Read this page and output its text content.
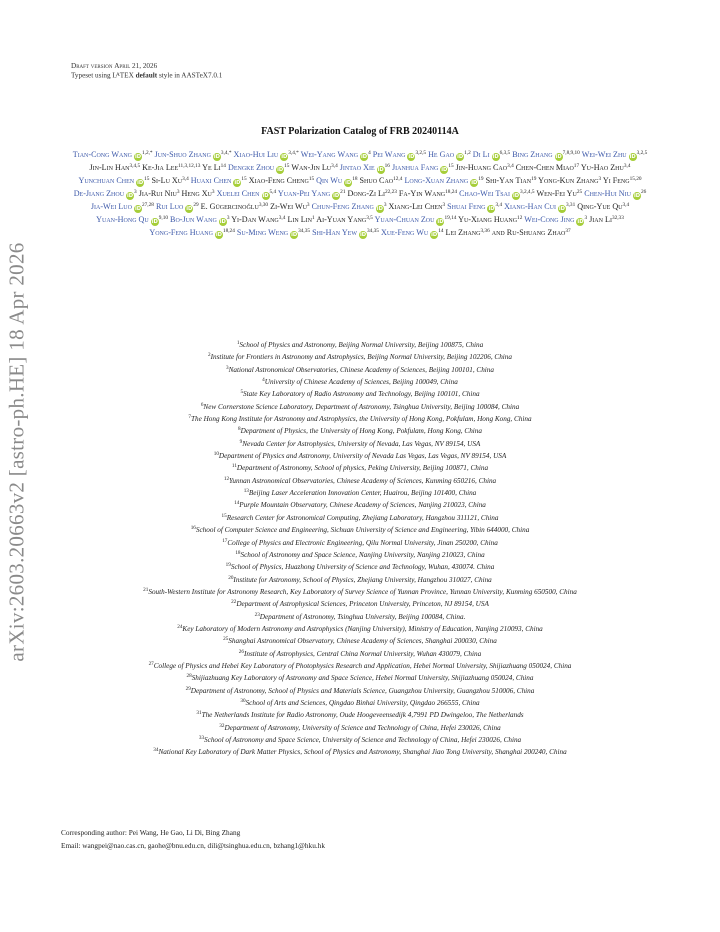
arXiv:2603.20663v2 [astro-ph.HE] 18 Apr 2026
Draft version April 21, 2026
Typeset using $L^ATEX$ default style in AASTeX7.0.1
FAST Polarization Catalog of FRB 20240114A
Tian-Cong Wang $iD^{1,2,*}$ Jun-Shuo Zhang $iD^{3,4,*}$ Xiao-Hui Liu $iD^{3,4,*}$ Wei-Yang Wang $iD^4$ Pei Wang iD$^{3,2,5}$ He Gao iD$^{1,2}$ Di Li iD$^{6,3,5}$ Bing Zhang iD$^{7,8,9,10}$ Wei-Wei Zhu iD$^{3,2,5}$ Jin-Lin Han$^{3,4,5}$ Ke-Jia Lee$^{11,3,12,13}$ Ye Li$^{14}$ Dengke Zhou $iD^{15}$ Wan-Jin Lu$^{3,4}$ Jintao Xie $iD^{16}$ Jianhua Fang $iD^{15}$ Jin-Huang Cao$^{3,4}$ Chen-Chen Miao$^{17}$ Yu-Hao Zhu$^{3,4}$ Yunchuan Chen $iD^{15}$ Si-Lu Xu$^{3,4}$ Huaxi Chen $iD^{15}$ Xiao-Feng Cheng$^{15}$ Qin Wu $iD^{18}$ Shuo Cao$^{12,4}$ Long-Xuan Zhang $iD^{19}$ Shi-Yan Tian$^{19}$ Yong-Kun Zhang$^3$ Yi Feng$^{15,20}$ De-Jiang Zhou $iD^3$ Jia-Rui Niu$^3$ Heng Xu$^3$ Xuelei Chen iD$^{5,4}$ Yuan-Pei Yang $iD^{21}$ Dong-Zi Li$^{22,23}$ Fa-Yin Wang$^{18,24}$ Chao-Wei Tsai iD$^{3,2,4,5}$ Wen-Fei Yu$^{25}$ Chen-Hui Niu $iD^{26}$ Jia-Wei Luo iD$^{27,28}$ Rui Luo $iD^{29}$ E. Gügercinoğlu$^{3,30}$ Zi-Wei Wu$^3$ Chun-Feng Zhang $iD^3$ Xiang-Lei Chen$^3$ Shuai Feng iD$^{3,4}$ Xiang-Han Cui iD$^{3,31}$ Qing-Yue Qu$^{3,4}$ Yuan-Hong Qu iD$^{9,10}$ Bo-Jun Wang $iD^3$ Yi-Dan Wang$^{3,4}$ Lin Lin$^1$ Ai-Yuan Yang$^{3,5}$ Yuan-Chuan Zou iD$^{19,14}$ Yu-Xiang Huang$^{12}$ Wei-Cong Jing $iD^3$ Jian Li$^{32,33}$ Yong-Feng Huang iD$^{18,24}$ Su-Ming Weng iD$^{34,35}$ Shi-Han Yew iD$^{34,35}$ Xue-Feng Wu $iD^{14}$ Lei Zhang$^{3,36}$ and Ru-Shuang Zhao$^{37}$
$^1$School of Physics and Astronomy, Beijing Normal University, Beijing 100875, China
$^2$Institute for Frontiers in Astronomy and Astrophysics, Beijing Normal University, Beijing 102206, China
$^3$National Astronomical Observatories, Chinese Academy of Sciences, Beijing 100101, China
$^4$University of Chinese Academy of Sciences, Beijing 100049, China
$^5$State Key Laboratory of Radio Astronomy and Technology, Beijing 100101, China
$^6$New Cornerstone Science Laboratory, Department of Astronomy, Tsinghua University, Beijing 100084, China
$^7$The Hong Kong Institute for Astronomy and Astrophysics, the University of Hong Kong, Pokfulam, Hong Kong, China
$^8$Department of Physics, the University of Hong Kong, Pokfulam, Hong Kong, China
$^9$Nevada Center for Astrophysics, University of Nevada, Las Vegas, NV 89154, USA
$^{10}$Department of Physics and Astronomy, University of Nevada Las Vegas, Las Vegas, NV 89154, USA
$^{11}$Department of Astronomy, School of physics, Peking University, Beijing 100871, China
$^{12}$Yunnan Astronomical Observatories, Chinese Academy of Sciences, Kunming 650216, China
$^{13}$Beijing Laser Acceleration Innovation Center, Huairou, Beijing 101400, China
$^{14}$Purple Mountain Observatory, Chinese Academy of Sciences, Nanjing 210023, China
$^{15}$Research Center for Astronomical Computing, Zhejiang Laboratory, Hangzhou 311121, China
$^{16}$School of Computer Science and Engineering, Sichuan University of Science and Engineering, Yibin 644000, China
$^{17}$College of Physics and Electronic Engineering, Qilu Normal University, Jinan 250200, China
$^{18}$School of Astronomy and Space Science, Nanjing University, Nanjing 210023, China
$^{19}$School of Physics, Huazhong University of Science and Technology, Wuhan, 430074. China
$^{20}$Institute for Astronomy, School of Physics, Zhejiang University, Hangzhou 310027, China
$^{21}$South-Western Institute for Astronomy Research, Key Laboratory of Survey Science of Yunnan Province, Yunnan University, Kunming 650500, China
$^{22}$Department of Astrophysical Sciences, Princeton University, Princeton, NJ 89154, USA
$^{23}$Department of Astronomy, Tsinghua University, Beijing 100084, China.
$^{24}$Key Laboratory of Modern Astronomy and Astrophysics (Nanjing University), Ministry of Education, Nanjing 210093, China
$^{25}$Shanghai Astronomical Observatory, Chinese Academy of Sciences, Shanghai 200030, China
$^{26}$Institute of Astrophysics, Central China Normal University, Wuhan 430079, China
$^{27}$College of Physics and Hebei Key Laboratory of Photophysics Research and Application, Hebei Normal University, Shijiazhuang 050024, China
$^{28}$Shijiazhuang Key Laboratory of Astronomy and Space Science, Hebei Normal University, Shijiazhuang 050024, China
$^{29}$Department of Astronomy, School of Physics and Materials Science, Guangzhou University, Guangzhou 510006, China
$^{30}$School of Arts and Sciences, Qingdao Binhai University, Qingdao 266555, China
$^{31}$The Netherlands Institute for Radio Astronomy, Oude Hoogeveensedijk 4,7991 PD Dwingeloo, The Netherlands
$^{32}$Department of Astronomy, University of Science and Technology of China, Hefei 230026, China
$^{33}$School of Astronomy and Space Science, University of Science and Technology of China, Hefei 230026, China
$^{34}$National Key Laboratory of Dark Matter Physics, School of Physics and Astronomy, Shanghai Jiao Tong University, Shanghai 200240, China
Corresponding author: Pei Wang, He Gao, Li Di, Bing Zhang
Email: wangpei@nao.cas.cn, gaohe@bnu.edu.cn, dili@tsinghua.edu.cn, bzhang1@hku.hk
